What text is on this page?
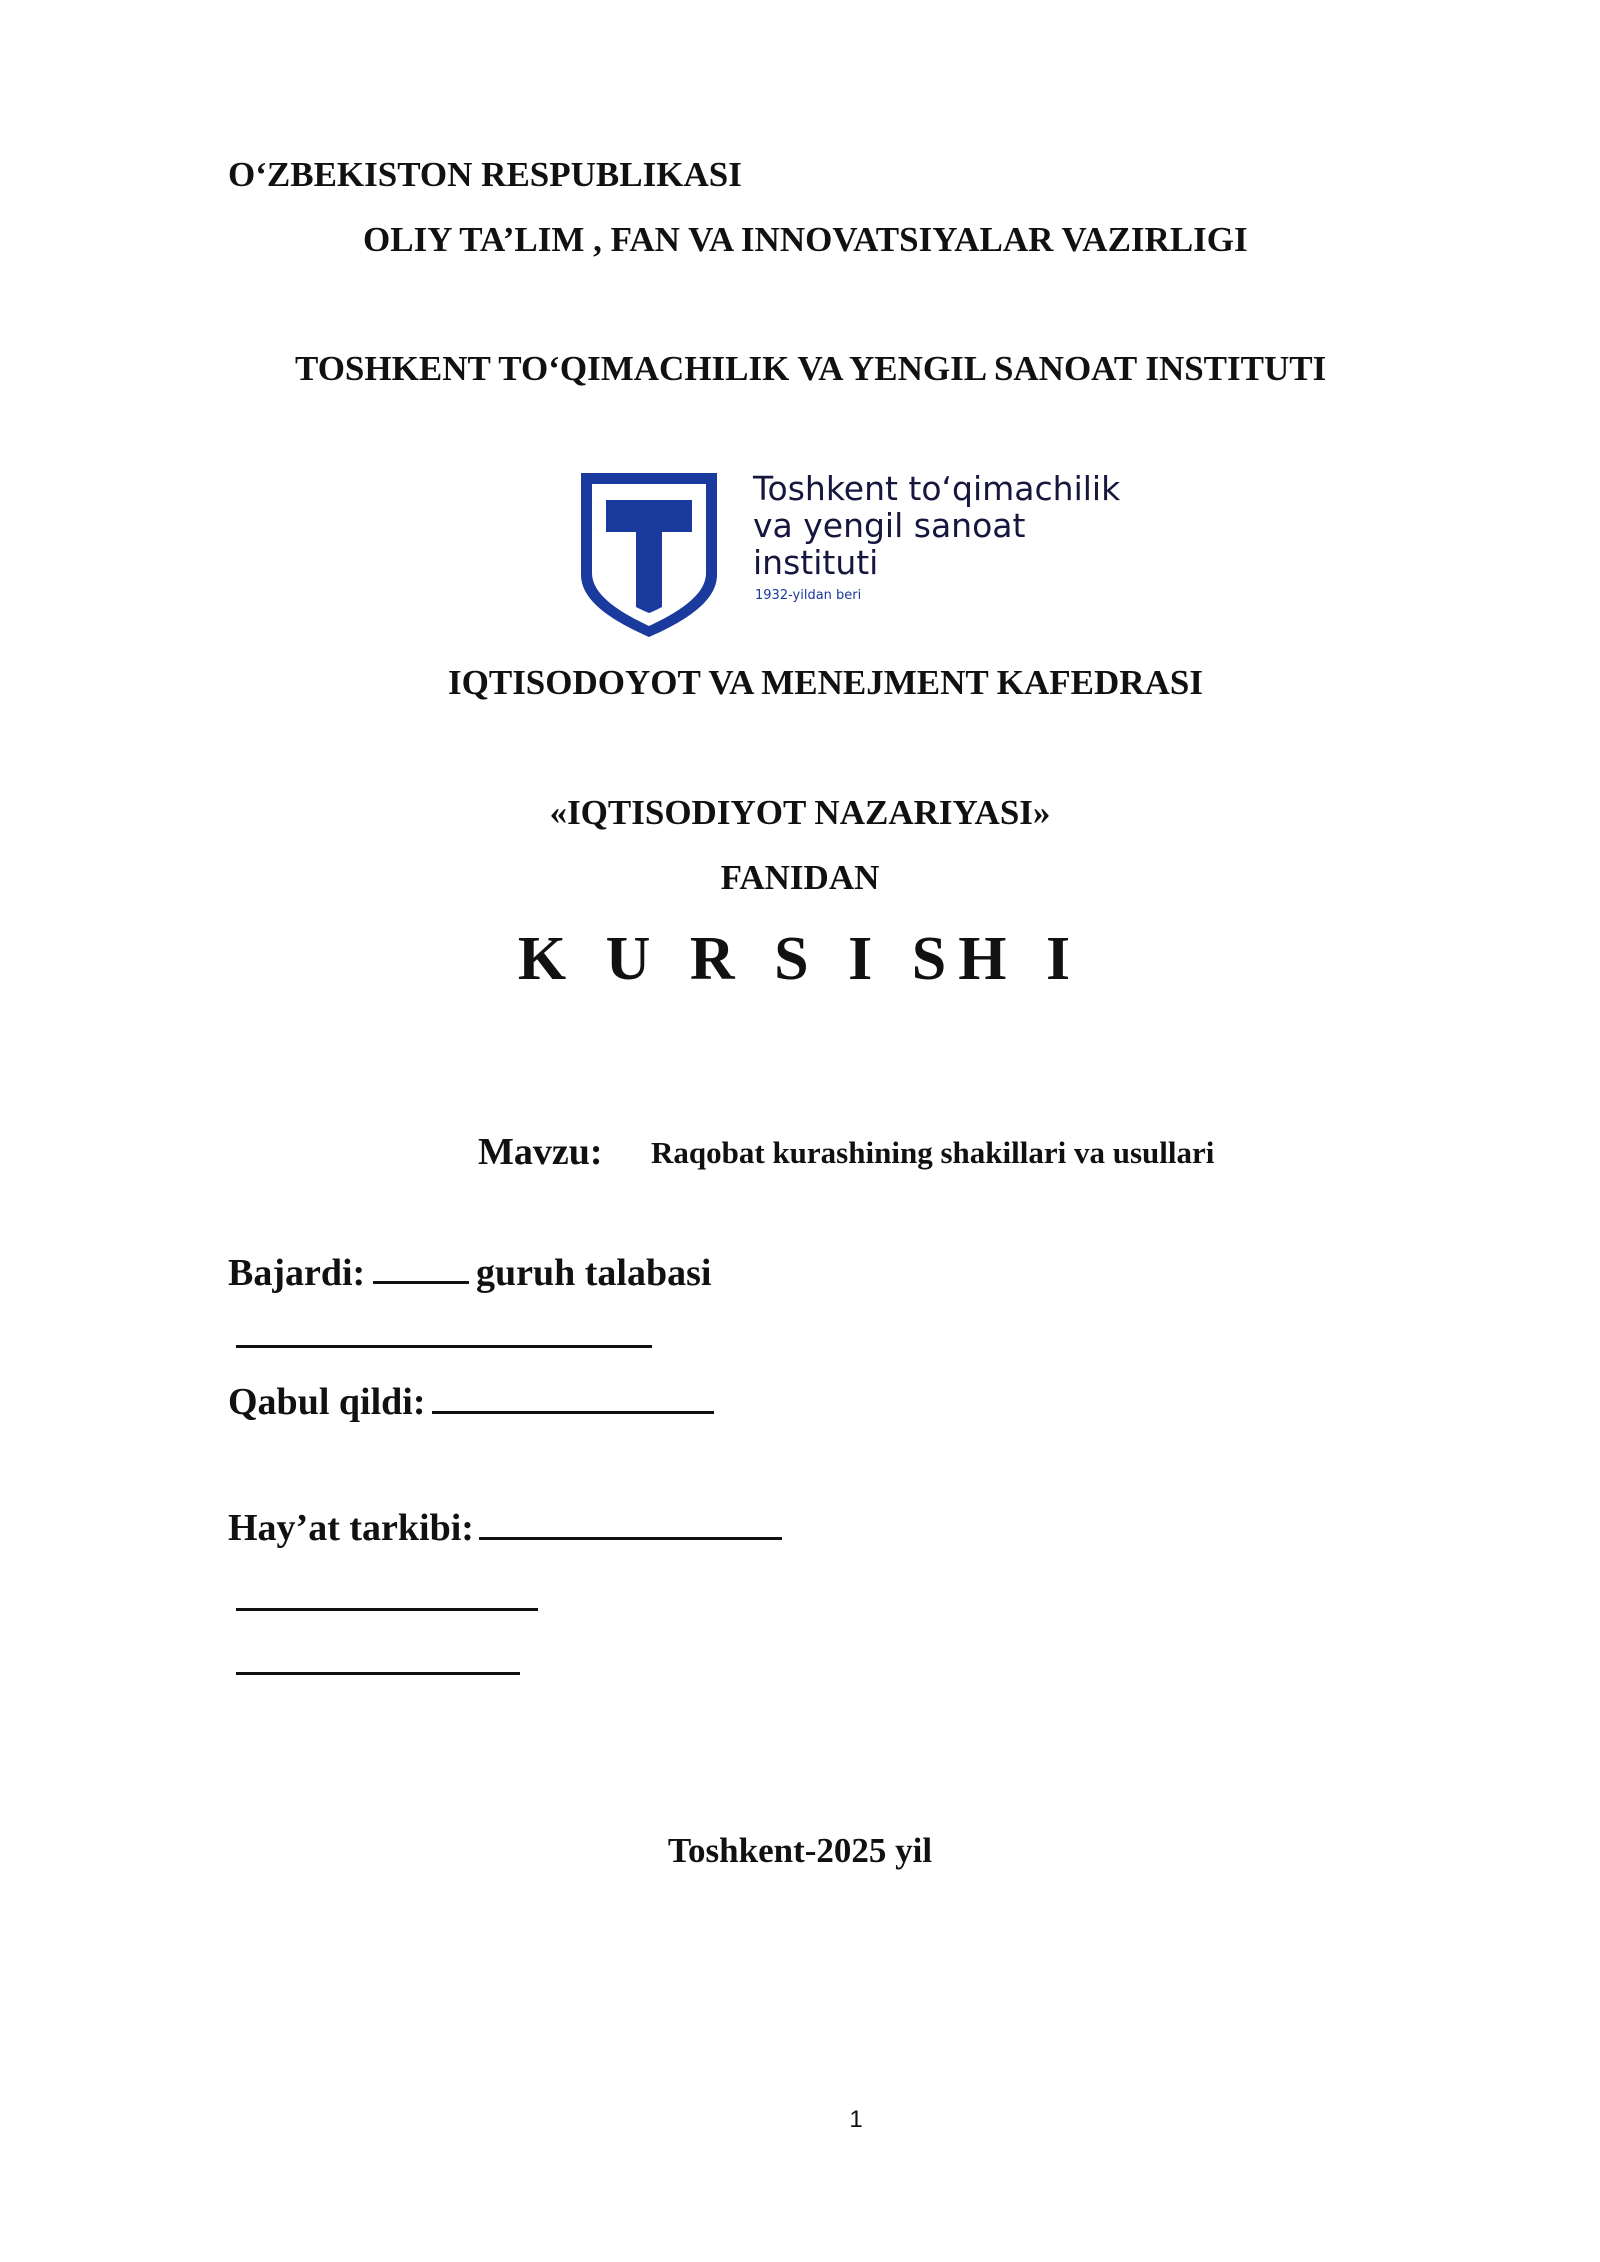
O‘ZBEKISTON RESPUBLIKASI
OLIY TA’LIM , FAN VA INNOVATSIYALAR VAZIRLIGI
TOSHKENT TO‘QIMACHILIK VA YENGIL SANOAT INSTITUTI
Toshkent to‘qimachilik
va yengil sanoat
instituti
1932-yildan beri
IQTISODOYOT VA MENEJMENT KAFEDRASI
«IQTISODIYOT NAZARIYASI»
FANIDAN
K U R S I SH I
Mavzu: Raqobat kurashining shakillari va usullari
Bajardi:	guruh talabasi
Qabul qildi:
Hay’at tarkibi:
Toshkent-2025 yil
1
